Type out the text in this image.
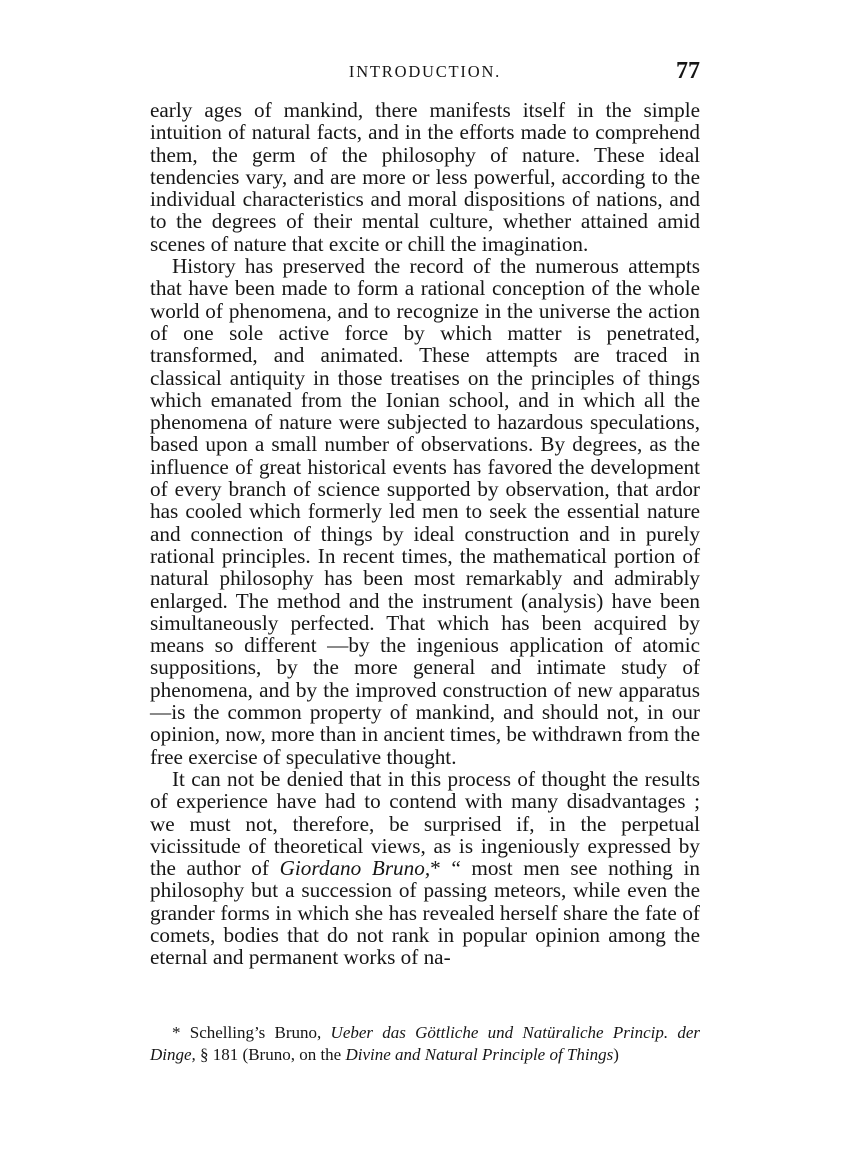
INTRODUCTION.	77

early ages of mankind, there manifests itself in the simple intuition of natural facts, and in the efforts made to comprehend them, the germ of the philosophy of nature. These ideal tendencies vary, and are more or less powerful, according to the individual characteristics and moral dispositions of nations, and to the degrees of their mental culture, whether attained amid scenes of nature that excite or chill the imagination.

History has preserved the record of the numerous attempts that have been made to form a rational conception of the whole world of phenomena, and to recognize in the universe the action of one sole active force by which matter is penetrated, transformed, and animated. These attempts are traced in classical antiquity in those treatises on the principles of things which emanated from the Ionian school, and in which all the phenomena of nature were subjected to hazardous speculations, based upon a small number of observations. By degrees, as the influence of great historical events has favored the development of every branch of science supported by observation, that ardor has cooled which formerly led men to seek the essential nature and connection of things by ideal construction and in purely rational principles. In recent times, the mathematical portion of natural philosophy has been most remarkably and admirably enlarged. The method and the instrument (analysis) have been simultaneously perfected. That which has been acquired by means so different —by the ingenious application of atomic suppositions, by the more general and intimate study of phenomena, and by the improved construction of new apparatus—is the common property of mankind, and should not, in our opinion, now, more than in ancient times, be withdrawn from the free exercise of speculative thought.

It can not be denied that in this process of thought the results of experience have had to contend with many disadvantages ; we must not, therefore, be surprised if, in the perpetual vicissitude of theoretical views, as is ingeniously expressed by the author of Giordano Bruno,* “ most men see nothing in philosophy but a succession of passing meteors, while even the grander forms in which she has revealed herself share the fate of comets, bodies that do not rank in popular opinion among the eternal and permanent works of na-

* Schelling’s Bruno, Ueber das Göttliche und Natüraliche Princip. der Dinge, § 181 (Bruno, on the Divine and Natural Principle of Things)
